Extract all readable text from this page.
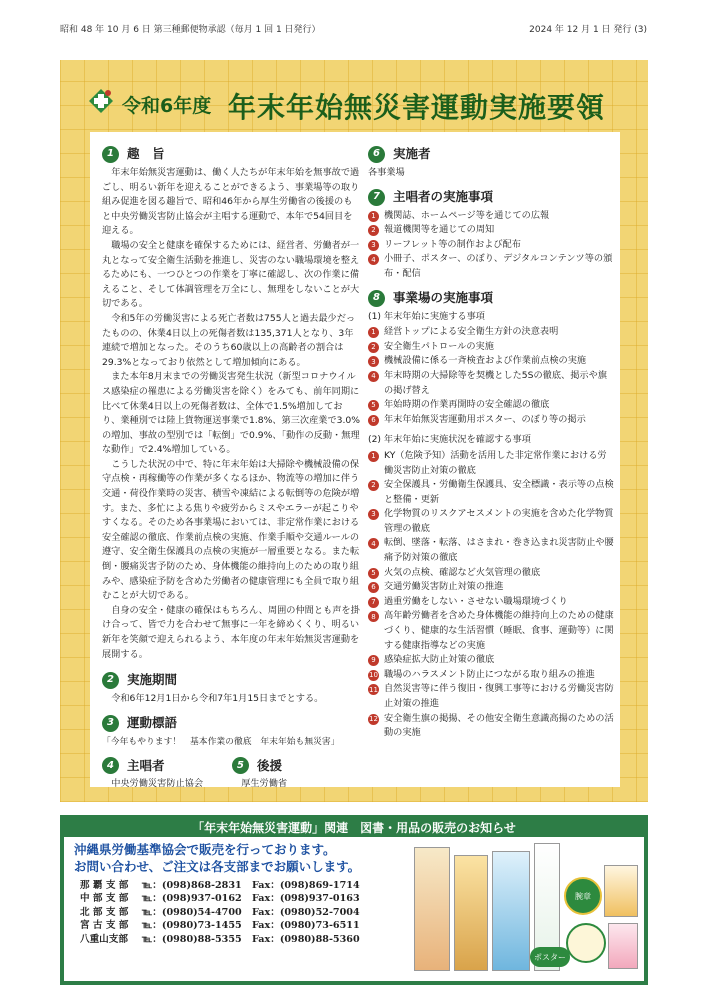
昭和 48 年 10 月 6 日 第三種郵便物承認（毎月 1 回 1 日発行）	2024 年 12 月 1 日 発行 (3)
令和6年度 年末年始無災害運動実施要領
1	趣　旨
年末年始無災害運動は、働く人たちが年末年始を無事故で過ごし、明るい新年を迎えることができるよう、事業場等の取り組み促進を図る趣旨で、昭和46年から厚生労働省の後援のもと中央労働災害防止協会が主唱する運動で、本年で54回目を迎える。
職場の安全と健康を確保するためには、経営者、労働者が一丸となって安全衛生活動を推進し、災害のない職場環境を整えるためにも、一つひとつの作業を丁寧に確認し、次の作業に備えること、そして体調管理を万全にし、無理をしないことが大切である。
令和5年の労働災害による死亡者数は755人と過去最少だったものの、休業4日以上の死傷者数は135,371人となり、3年連続で増加となった。そのうち60歳以上の高齢者の割合は29.3%となっており依然として増加傾向にある。
また本年8月末までの労働災害発生状況（新型コロナウイルス感染症の罹患による労働災害を除く）をみても、前年同期に比べて休業4日以上の死傷者数は、全体で1.5%増加しており、業種別では陸上貨物運送事業で1.8%、第三次産業で3.0%の増加、事故の型別では「転倒」で0.9%、「動作の反動・無理な動作」で2.4%増加している。
こうした状況の中で、特に年末年始は大掃除や機械設備の保守点検・再稼働等の作業が多くなるほか、物流等の増加に伴う交通・荷役作業時の災害、積雪や凍結による転倒等の危険が増す。また、多忙による焦りや疲労からミスやエラーが起こりやすくなる。そのため各事業場においては、非定常作業における安全確認の徹底、作業前点検の実施、作業手順や交通ルールの遵守、安全衛生保護具の点検の実施が一層重要となる。また転倒・腰痛災害予防のため、身体機能の維持向上のための取り組みや、感染症予防を含めた労働者の健康管理にも全員で取り組むことが大切である。
自身の安全・健康の確保はもちろん、周囲の仲間とも声を掛け合って、皆で力を合わせて無事に一年を締めくくり、明るい新年を笑顔で迎えられるよう、本年度の年末年始無災害運動を展開する。
2	実施期間
令和6年12月1日から令和7年1月15日までとする。
3	運動標語
「今年もやります！　基本作業の徹底　年末年始も無災害」
4	主唱者
中央労働災害防止協会
5	後援
厚生労働省
6	実施者
各事業場
7	主唱者の実施事項
1 機関誌、ホームページ等を通じての広報
2 報道機関等を通じての周知
3 リーフレット等の制作および配布
4 小冊子、ポスター、のぼり、デジタルコンテンツ等の頒布・配信
8	事業場の実施事項
(1) 年末年始に実施する事項
1 経営トップによる安全衛生方針の決意表明
2 安全衛生パトロールの実施
3 機械設備に係る一斉検査および作業前点検の実施
4 年末時期の大掃除等を契機とした5Sの徹底、掲示や旗の掲げ替え
5 年始時期の作業再開時の安全確認の徹底
6 年末年始無災害運動用ポスター、のぼり等の掲示
(2) 年末年始に実施状況を確認する事項
1 KY（危険予知）活動を活用した非定常作業における労働災害防止対策の徹底
2 安全保護具・労働衛生保護具、安全標識・表示等の点検と整備・更新
3 化学物質のリスクアセスメントの実施を含めた化学物質管理の徹底
4 転倒、墜落・転落、はさまれ・巻き込まれ災害防止や腰痛予防対策の徹底
5 火気の点検、確認など火気管理の徹底
6 交通労働災害防止対策の推進
7 過重労働をしない・させない職場環境づくり
8 高年齢労働者を含めた身体機能の維持向上のための健康づくり、健康的な生活習慣（睡眠、食事、運動等）に関する健康指導などの実施
9 感染症拡大防止対策の徹底
10 職場のハラスメント防止につながる取り組みの推進
11 自然災害等に伴う復旧・復興工事等における労働災害防止対策の推進
12 安全衛生旗の掲揚、その他安全衛生意識高揚のための活動の実施
「年末年始無災害運動」関連　図書・用品の販売のお知らせ
沖縄県労働基準協会で販売を行っております。
お問い合わせ、ご注文は各支部までお願いします。
那 覇 支 部	℡：(098)868-2831	Fax：(098)869-1714
中 部 支 部	℡：(098)937-0162	Fax：(098)937-0163
北 部 支 部	℡：(0980)54-4700	Fax：(0980)52-7004
宮 古 支 部	℡：(0980)73-1455	Fax：(0980)73-6511
八重山支部	℡：(0980)88-5355	Fax：(0980)88-5360
腕章
ポスター
